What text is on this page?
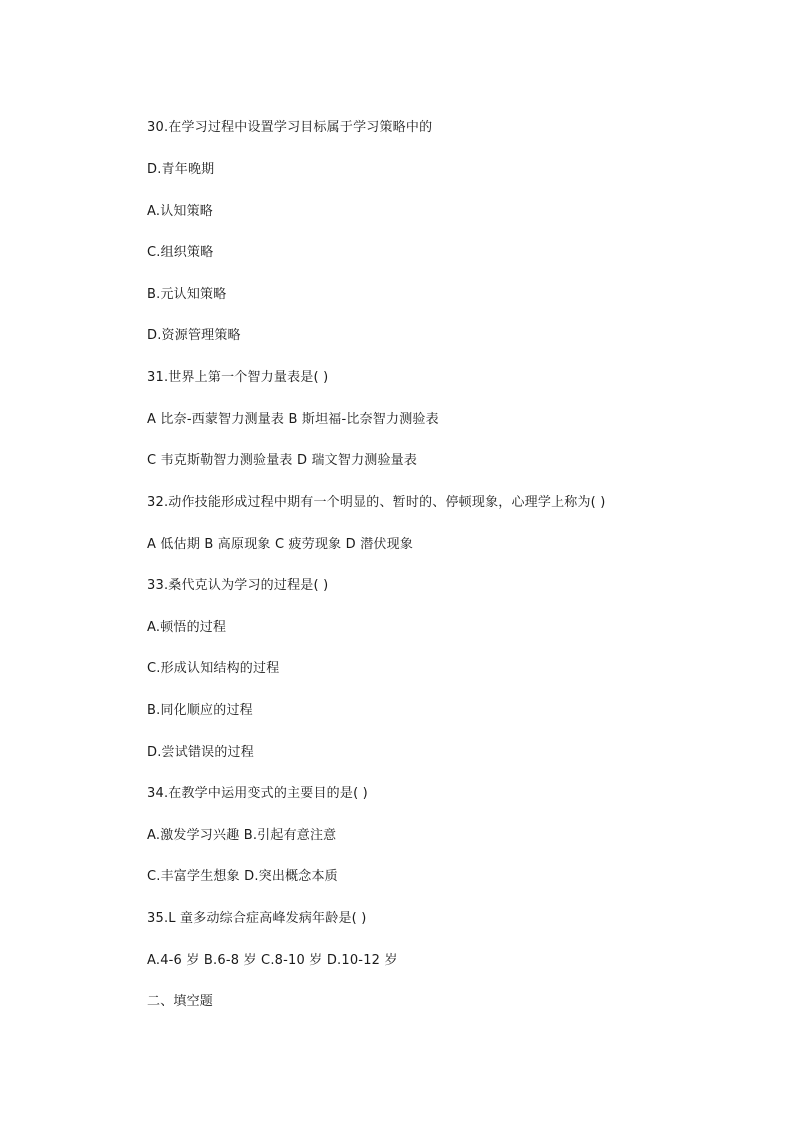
30.在学习过程中设置学习目标属于学习策略中的
D.青年晚期
A.认知策略
C.组织策略
B.元认知策略
D.资源管理策略
31.世界上第一个智力量表是( )
A 比奈-西蒙智力测量表 B 斯坦福-比奈智力测验表
C 韦克斯勒智力测验量表 D 瑞文智力测验量表
32.动作技能形成过程中期有一个明显的、暂时的、停顿现象，心理学上称为( )
A 低估期 B 高原现象 C 疲劳现象 D 潜伏现象
33.桑代克认为学习的过程是( )
A.顿悟的过程
C.形成认知结构的过程
B.同化顺应的过程
D.尝试错误的过程
34.在教学中运用变式的主要目的是( )
A.激发学习兴趣 B.引起有意注意
C.丰富学生想象 D.突出概念本质
35.L 童多动综合症高峰发病年龄是( )
A.4-6 岁 B.6-8 岁 C.8-10 岁 D.10-12 岁
二、填空题
